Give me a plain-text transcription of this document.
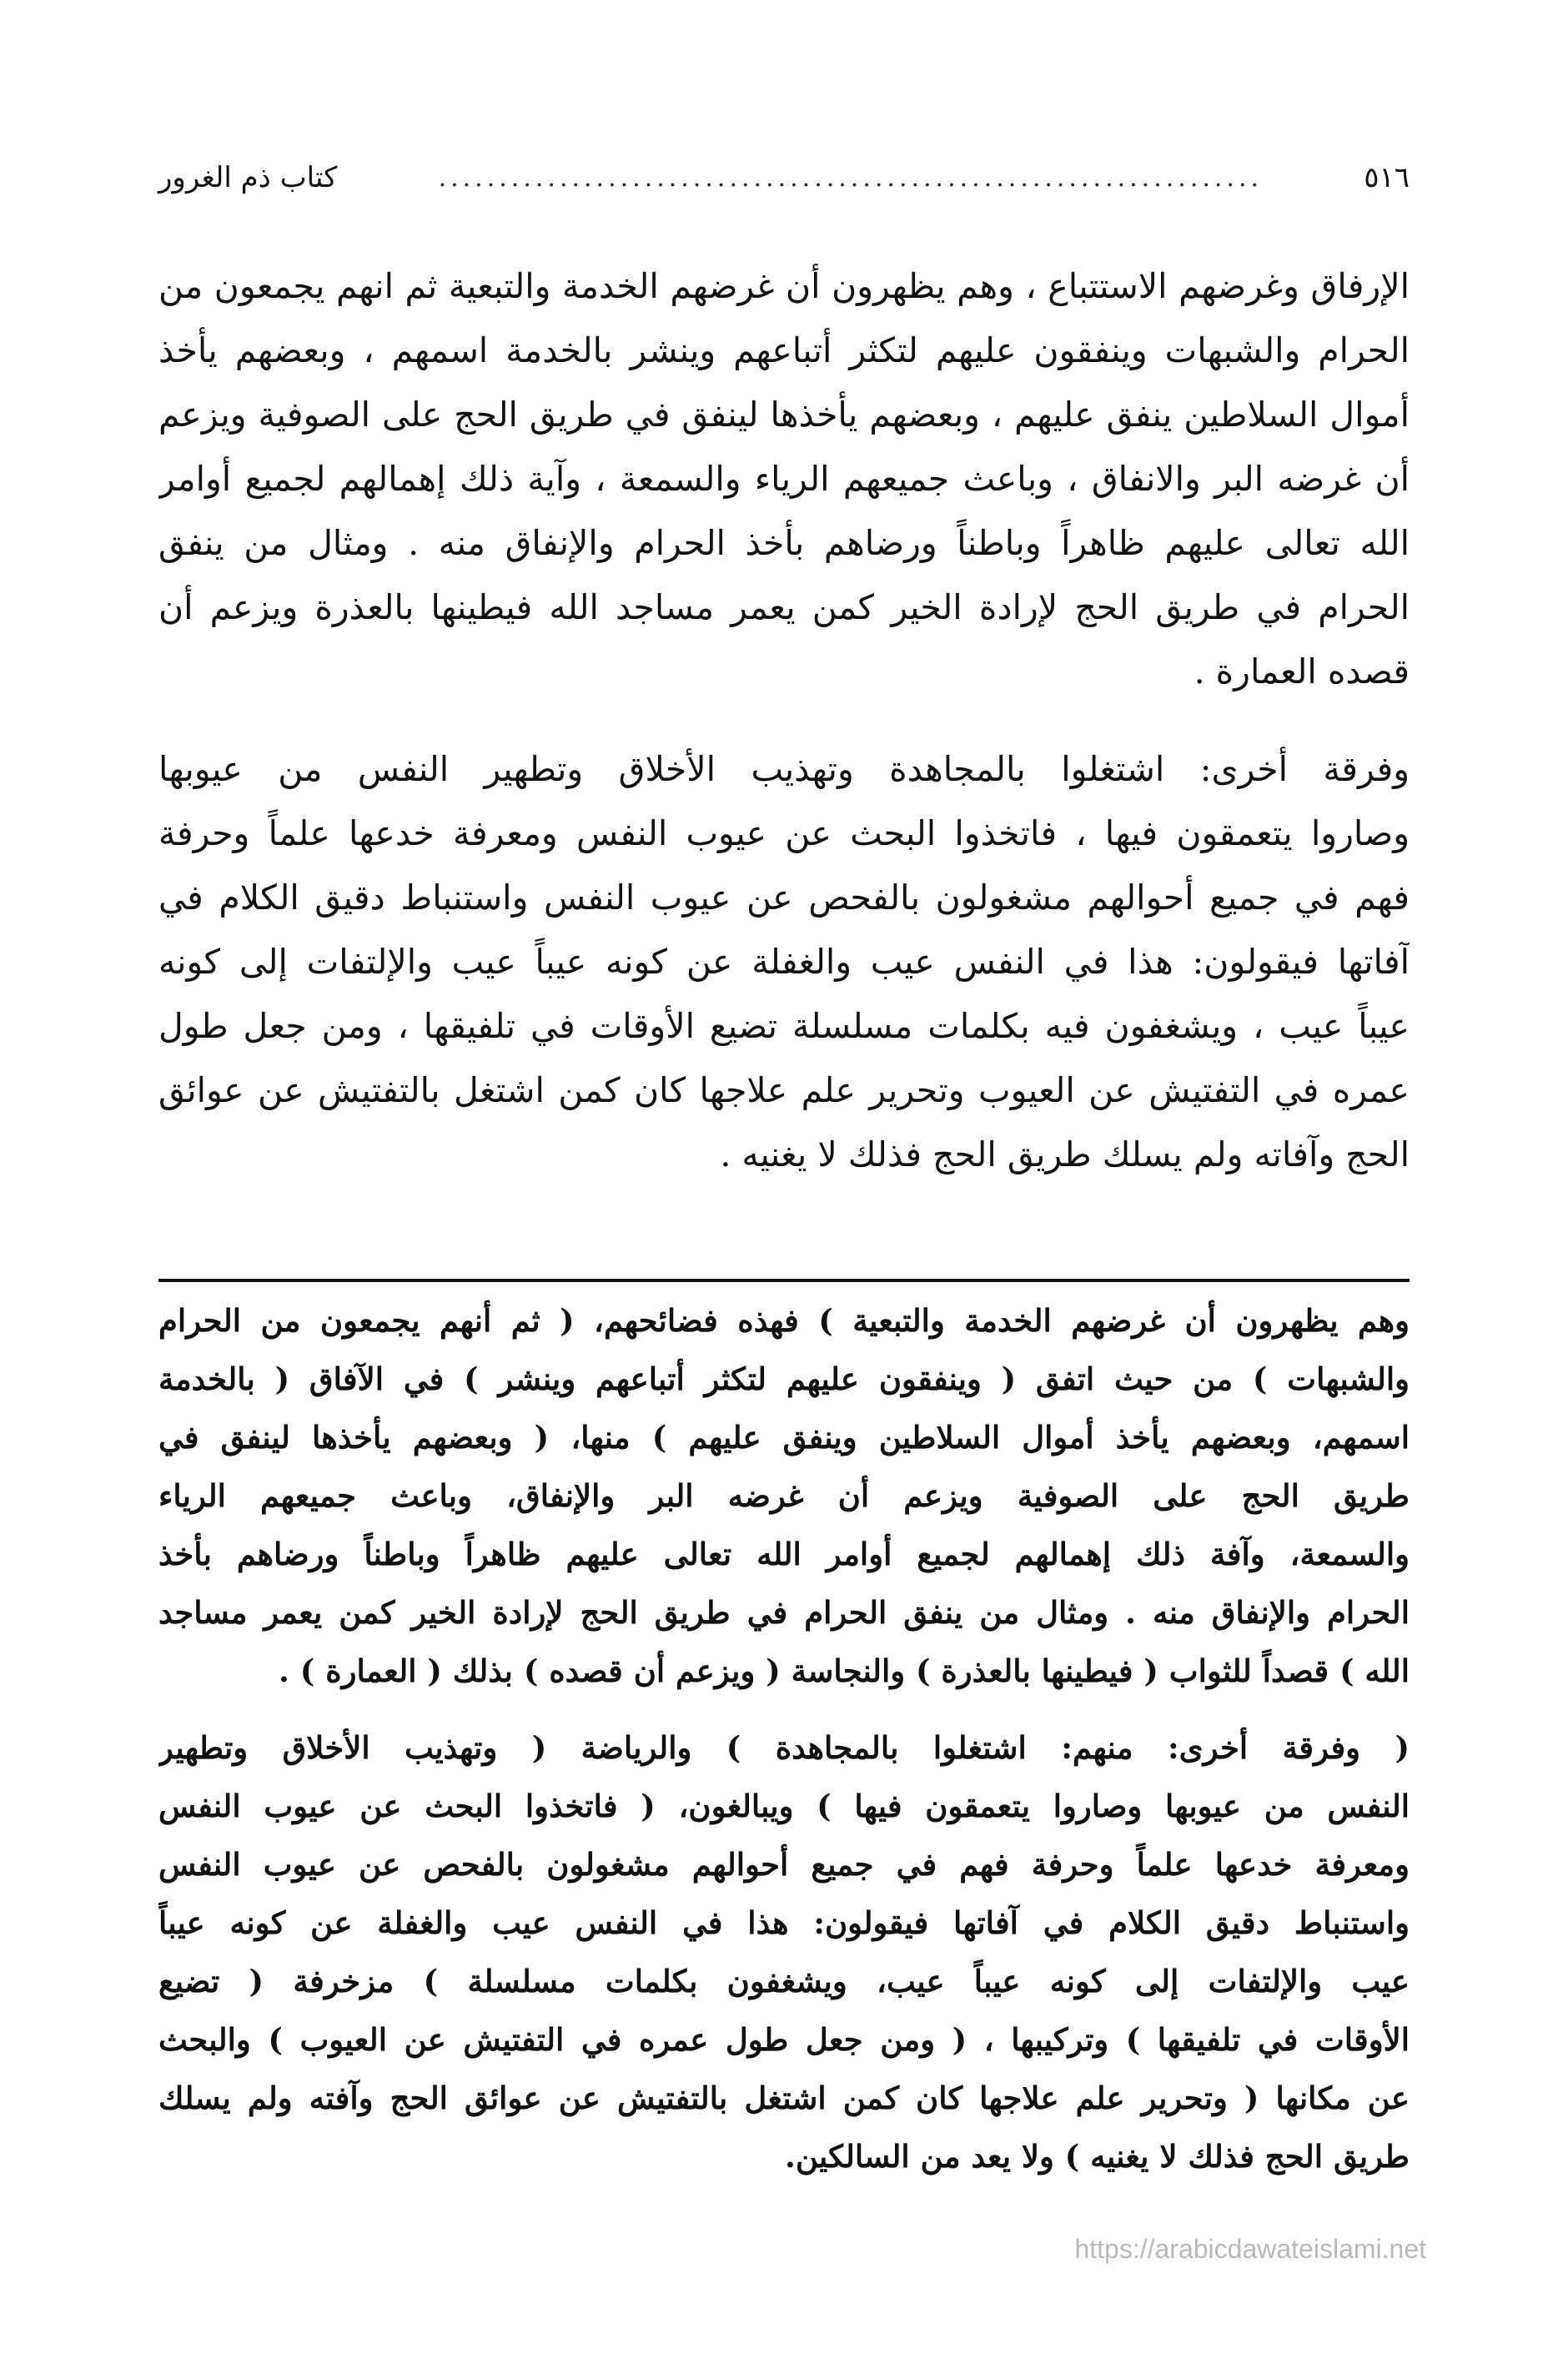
٥١٦
....................................................................
كتاب ذم الغرور
الإرفاق وغرضهم الاستتباع ، وهم يظهرون أن غرضهم الخدمة والتبعية ثم انهم يجمعون من
الحرام والشبهات وينفقون عليهم لتكثر أتباعهم وينشر بالخدمة اسمهم ، وبعضهم يأخذ
أموال السلاطين ينفق عليهم ، وبعضهم يأخذها لينفق في طريق الحج على الصوفية ويزعم
أن غرضه البر والانفاق ، وباعث جميعهم الرياء والسمعة ، وآية ذلك إهمالهم لجميع أوامر
الله تعالى عليهم ظاهراً وباطناً ورضاهم بأخذ الحرام والإنفاق منه . ومثال من ينفق
الحرام في طريق الحج لإرادة الخير كمن يعمر مساجد الله فيطينها بالعذرة ويزعم أن
قصده العمارة .
وفرقة أخرى: اشتغلوا بالمجاهدة وتهذيب الأخلاق وتطهير النفس من عيوبها
وصاروا يتعمقون فيها ، فاتخذوا البحث عن عيوب النفس ومعرفة خدعها علماً وحرفة
فهم في جميع أحوالهم مشغولون بالفحص عن عيوب النفس واستنباط دقيق الكلام في
آفاتها فيقولون: هذا في النفس عيب والغفلة عن كونه عيباً عيب والإلتفات إلى كونه
عيباً عيب ، ويشغفون فيه بكلمات مسلسلة تضيع الأوقات في تلفيقها ، ومن جعل طول
عمره في التفتيش عن العيوب وتحرير علم علاجها كان كمن اشتغل بالتفتيش عن عوائق
الحج وآفاته ولم يسلك طريق الحج فذلك لا يغنيه .
وهم يظهرون أن غرضهم الخدمة والتبعية ) فهذه فضائحهم، ( ثم أنهم يجمعون من الحرام
والشبهات ) من حيث اتفق ( وينفقون عليهم لتكثر أتباعهم وينشر ) في الآفاق ( بالخدمة
اسمهم، وبعضهم يأخذ أموال السلاطين وينفق عليهم ) منها، ( وبعضهم يأخذها لينفق في
طريق الحج على الصوفية ويزعم أن غرضه البر والإنفاق، وباعث جميعهم الرياء
والسمعة، وآفة ذلك إهمالهم لجميع أوامر الله تعالى عليهم ظاهراً وباطناً ورضاهم بأخذ
الحرام والإنفاق منه . ومثال من ينفق الحرام في طريق الحج لإرادة الخير كمن يعمر مساجد
الله ) قصداً للثواب ( فيطينها بالعذرة ) والنجاسة ( ويزعم أن قصده ) بذلك ( العمارة ) .
( وفرقة أخرى: منهم: اشتغلوا بالمجاهدة ) والرياضة ( وتهذيب الأخلاق وتطهير
النفس من عيوبها وصاروا يتعمقون فيها ) ويبالغون، ( فاتخذوا البحث عن عيوب النفس
ومعرفة خدعها علماً وحرفة فهم في جميع أحوالهم مشغولون بالفحص عن عيوب النفس
واستنباط دقيق الكلام في آفاتها فيقولون: هذا في النفس عيب والغفلة عن كونه عيباً
عيب والإلتفات إلى كونه عيباً عيب، ويشغفون بكلمات مسلسلة ) مزخرفة ( تضيع
الأوقات في تلفيقها ) وتركيبها ، ( ومن جعل طول عمره في التفتيش عن العيوب ) والبحث
عن مكانها ( وتحرير علم علاجها كان كمن اشتغل بالتفتيش عن عوائق الحج وآفته ولم يسلك
طريق الحج فذلك لا يغنيه ) ولا يعد من السالكين.
https://arabicdawateislami.net
